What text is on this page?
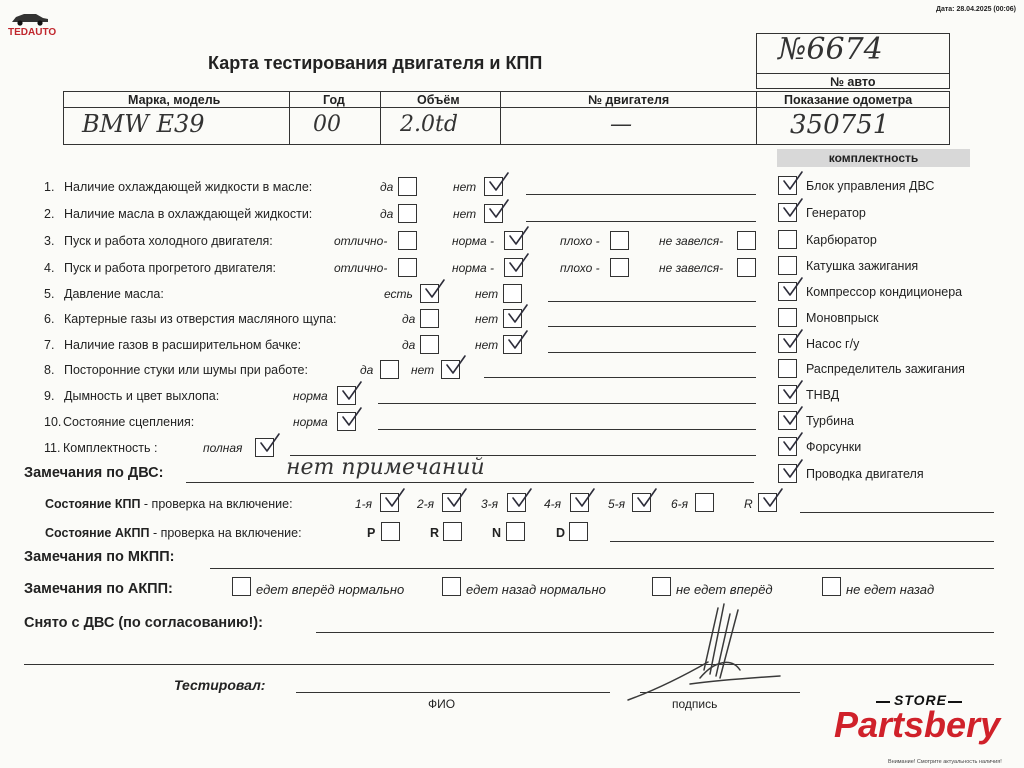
TEDAUTO
Дата: 28.04.2025 (00:06)
Карта тестирования двигателя и КПП	№6674
№ авто
Марка, модель	Год	Объём	№ двигателя	Показание одометра
BMW E39	00	2.0td	—	350751
комплектность
1. Наличие охлаждающей жидкости в масле:	да	нет
2. Наличие масла в охлаждающей жидкости:	да	нет
3. Пуск и работа холодного двигателя:	отлично-	норма -	плохо -	не завелся-
4. Пуск и работа прогретого двигателя:	отлично-	норма -	плохо -	не завелся-
5. Давление масла:	есть	нет
6. Картерные газы из отверстия масляного щупа:	да	нет
7. Наличие газов в расширительном бачке:	да	нет
8. Посторонние стуки или шумы при работе:	да	нет
9. Дымность и цвет выхлопа:	норма
10. Состояние сцепления:	норма
11. Комплектность :	полная
Блок управления ДВС
Генератор
Карбюратор
Катушка зажигания
Компрессор кондиционера
Моновпрыск
Насос г/у
Распределитель зажигания
ТНВД
Турбина
Форсунки
Проводка двигателя
Замечания по ДВС:	нет примечаний
Состояние КПП - проверка на включение:	1-я	2-я	3-я	4-я	5-я	6-я	R
Состояние АКПП - проверка на включение:	P	R	N	D
Замечания по МКПП:
Замечания по АКПП:	едет вперёд нормально	едет назад нормально	не едет вперёд	не едет назад
Снято с ДВС (по согласованию!):
Тестировал:
ФИО	подпись	STORE
Partsbery
Внимание! Смотрите актуальность наличия!
